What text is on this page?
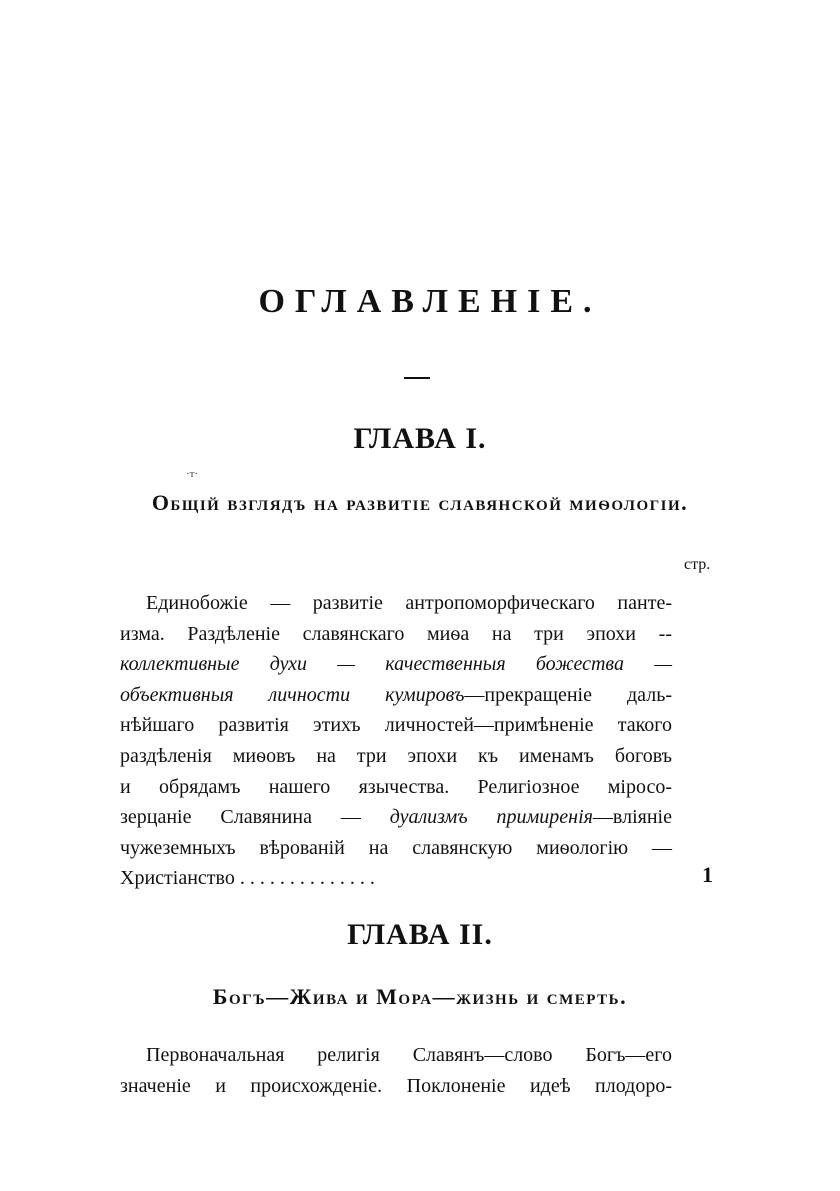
ОГЛАВЛЕНІЕ.
ГЛАВА I.
·т·
Общій взглядъ на развитіе славянской миѳологіи.
стр.
Единобожіе — развитіе антропоморфическаго панте-
изма. Раздѣленіе славянскаго миѳа на три эпохи --
коллективные духи — качественныя божества —
объективныя личности кумировъ—прекращеніе даль-
нѣйшаго развитія этихъ личностей—примѣненіе такого
раздѣленія миѳовъ на три эпохи къ именамъ боговъ
и обрядамъ нашего язычества. Религіозное міросо-
зерцаніе Славянина — дуализмъ примиренія—вліяніе
чужеземныхъ вѣрованій на славянскую миѳологію —
Христіанство . . . . . . . . . . . . . .	1
ГЛАВА II.
Богъ—Жива и Мора—жизнь и смерть.
Первоначальная религія Славянъ—слово Богъ—его
значеніе и происхожденіе. Поклоненіе идеѣ плодоро-
